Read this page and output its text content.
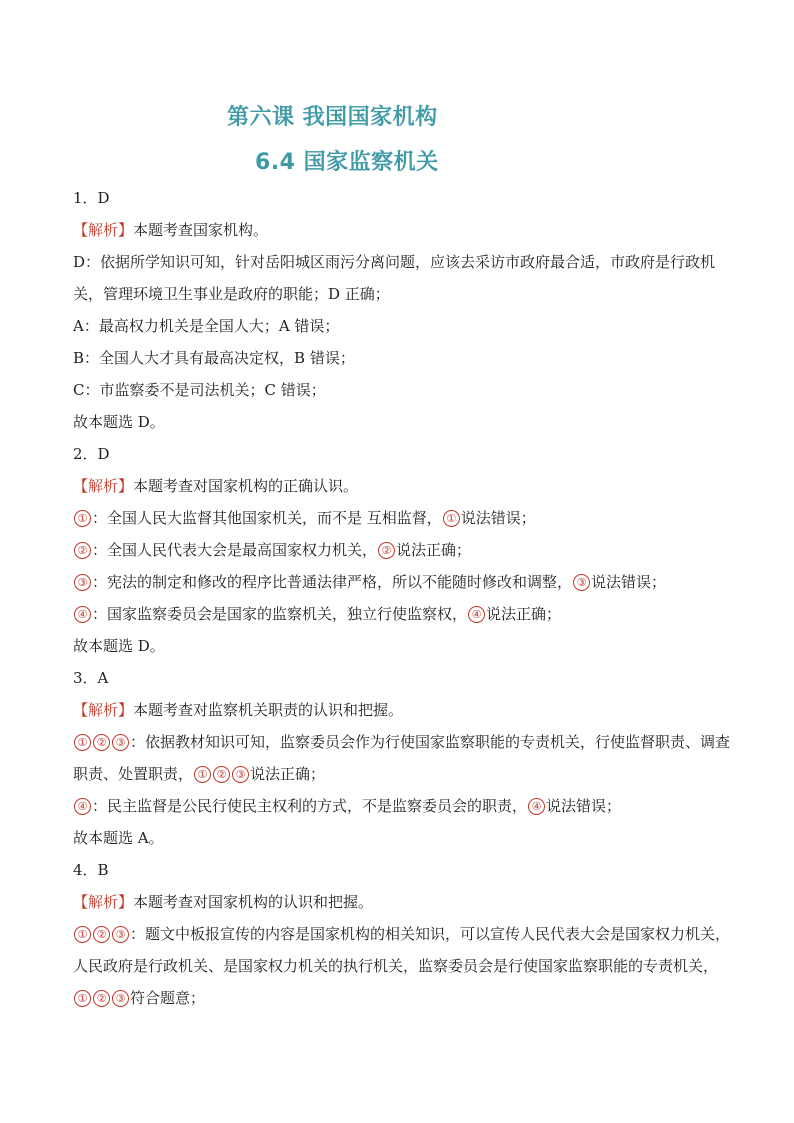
第六课 我国国家机构
6.4 国家监察机关
1．D
【解析】本题考查国家机构。
D：依据所学知识可知，针对岳阳城区雨污分离问题，应该去采访市政府最合适，市政府是行政机关，管理环境卫生事业是政府的职能；D 正确；
A：最高权力机关是全国人大；A 错误；
B：全国人大才具有最高决定权，B 错误；
C：市监察委不是司法机关；C 错误；
故本题选 D。
2．D
【解析】本题考查对国家机构的正确认识。
① ：全国人民大监督其他国家机关，而不是 互相监督， ① 说法错误；
② ：全国人民代表大会是最高国家权力机关， ② 说法正确；
③ ：宪法的制定和修改的程序比普通法律严格，所以不能随时修改和调整， ③ 说法错误；
④ ：国家监察委员会是国家的监察机关，独立行使监察权， ④ 说法正确；
故本题选 D。
3．A
【解析】本题考查对监察机关职责的认识和把握。
① ② ③ ：依据教材知识可知，监察委员会作为行使国家监察职能的专责机关，行使监督职责、调查职责、处置职责， ① ② ③ 说法正确；
④ ：民主监督是公民行使民主权利的方式，不是监察委员会的职责， ④ 说法错误；
故本题选 A。
4．B
【解析】本题考查对国家机构的认识和把握。
① ② ③ ：题文中板报宣传的内容是国家机构的相关知识，可以宣传人民代表大会是国家权力机关，人民政府是行政机关、是国家权力机关的执行机关，监察委员会是行使国家监察职能的专责机关，① ② ③ 符合题意；
